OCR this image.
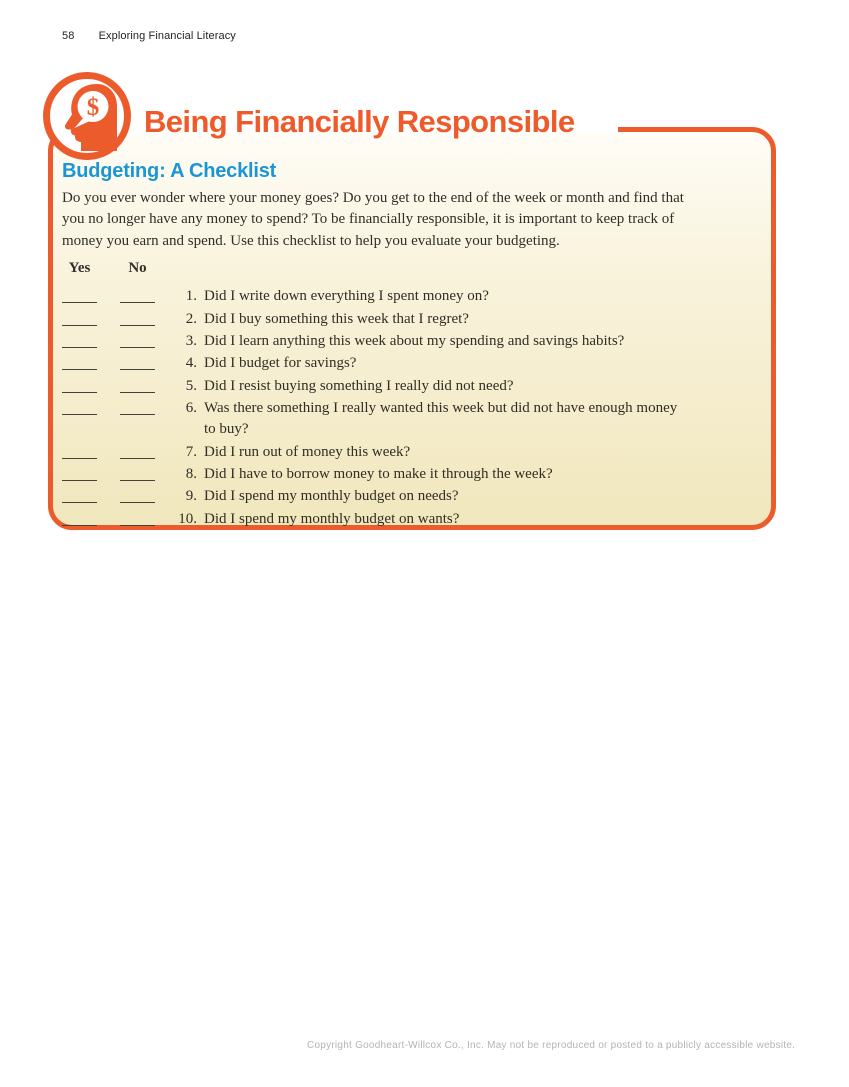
58 Exploring Financial Literacy
$ Being Financially Responsible
Budgeting: A Checklist
Do you ever wonder where your money goes? Do you get to the end of the week or month and find that
you no longer have any money to spend? To be financially responsible, it is important to keep track of
money you earn and spend. Use this checklist to help you evaluate your budgeting.
Yes	No
1. Did I write down everything I spent money on?
2. Did I buy something this week that I regret?
3. Did I learn anything this week about my spending and savings habits?
4. Did I budget for savings?
5. Did I resist buying something I really did not need?
6. Was there something I really wanted this week but did not have enough money
to buy?
7. Did I run out of money this week?
8. Did I have to borrow money to make it through the week?
9. Did I spend my monthly budget on needs?
10. Did I spend my monthly budget on wants?
Copyright Goodheart-Willcox Co., Inc. May not be reproduced or posted to a publicly accessible website.
